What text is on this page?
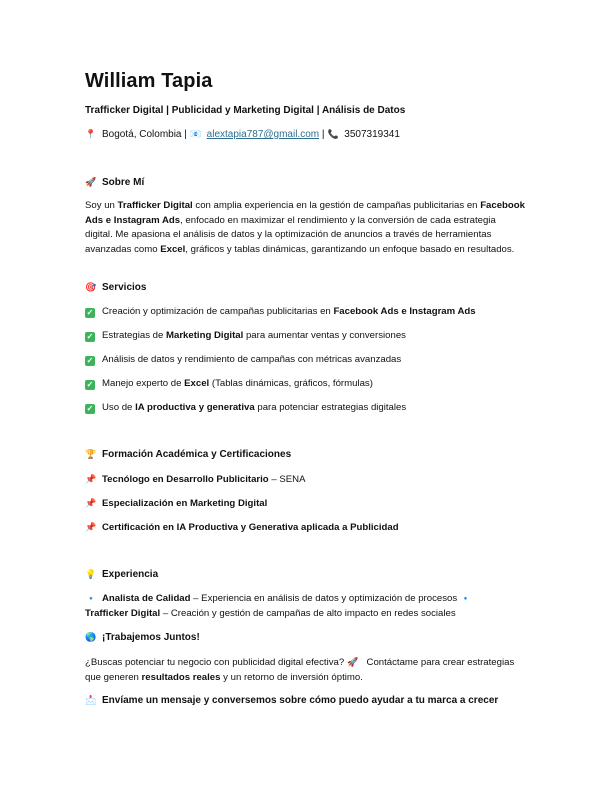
William Tapia
Trafficker Digital | Publicidad y Marketing Digital | Análisis de Datos
📍 Bogotá, Colombia | 📧 alextapia787@gmail.com | 📞 3507319341
🚀 Sobre Mí
Soy un Trafficker Digital con amplia experiencia en la gestión de campañas publicitarias en Facebook Ads e Instagram Ads, enfocado en maximizar el rendimiento y la conversión de cada estrategia digital. Me apasiona el análisis de datos y la optimización de anuncios a través de herramientas avanzadas como Excel, gráficos y tablas dinámicas, garantizando un enfoque basado en resultados.
🎯 Servicios
✓ Creación y optimización de campañas publicitarias en Facebook Ads e Instagram Ads
✓ Estrategias de Marketing Digital para aumentar ventas y conversiones
✓ Análisis de datos y rendimiento de campañas con métricas avanzadas
✓ Manejo experto de Excel (Tablas dinámicas, gráficos, fórmulas)
✓ Uso de IA productiva y generativa para potenciar estrategias digitales
🏆 Formación Académica y Certificaciones
📌 Tecnólogo en Desarrollo Publicitario – SENA
📌 Especialización en Marketing Digital
📌 Certificación en IA Productiva y Generativa aplicada a Publicidad
💡 Experiencia
🔹 Analista de Calidad – Experiencia en análisis de datos y optimización de procesos 🔹
Trafficker Digital – Creación y gestión de campañas de alto impacto en redes sociales
🌎 ¡Trabajemos Juntos!
¿Buscas potenciar tu negocio con publicidad digital efectiva? 🚀 Contáctame para crear estrategias que generen resultados reales y un retorno de inversión óptimo.
📩 Envíame un mensaje y conversemos sobre cómo puedo ayudar a tu marca a crecer
